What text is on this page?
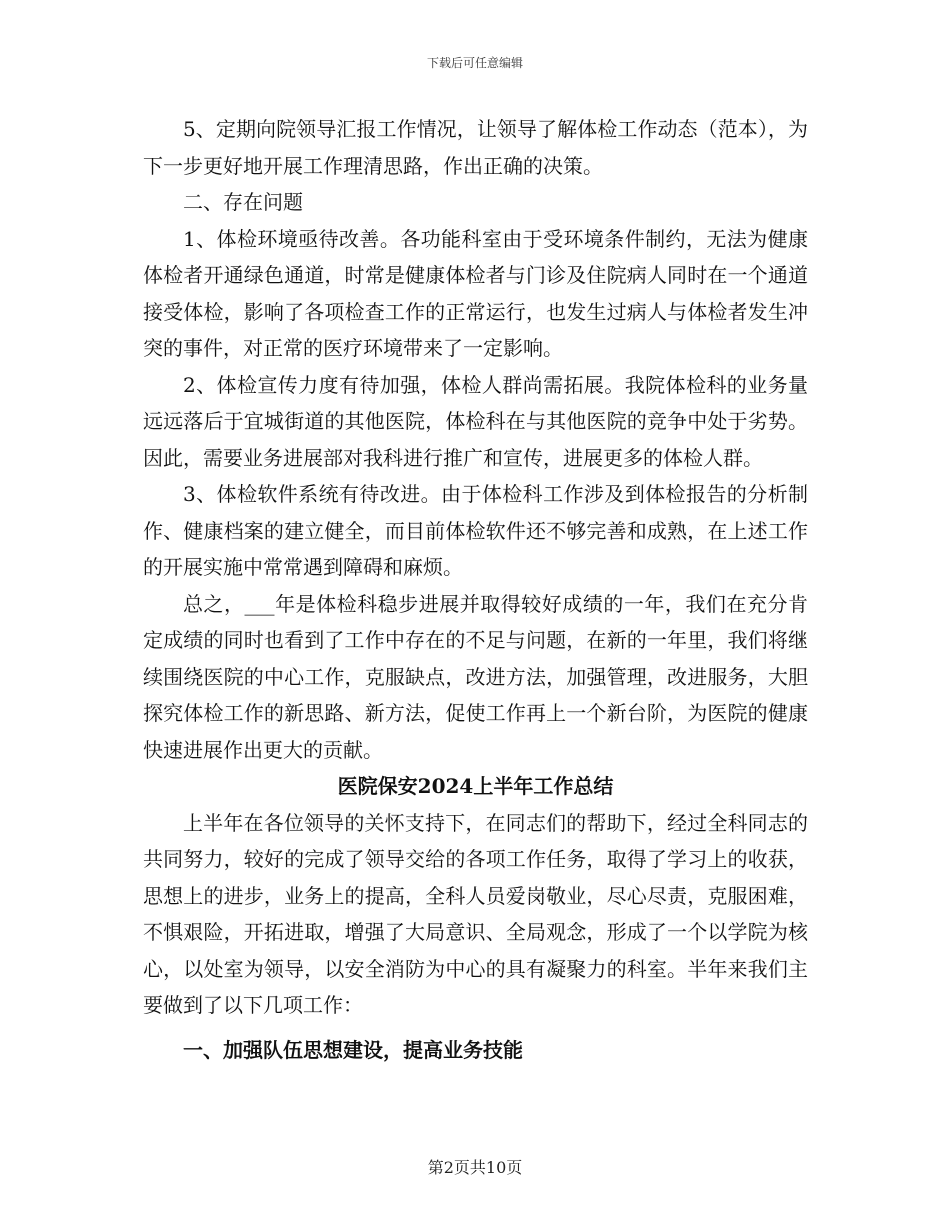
下载后可任意编辑

5、定期向院领导汇报工作情况，让领导了解体检工作动态（范本），为下一步更好地开展工作理清思路，作出正确的决策。

二、存在问题

1、体检环境亟待改善。各功能科室由于受环境条件制约，无法为健康体检者开通绿色通道，时常是健康体检者与门诊及住院病人同时在一个通道接受体检，影响了各项检查工作的正常运行，也发生过病人与体检者发生冲突的事件，对正常的医疗环境带来了一定影响。

2、体检宣传力度有待加强，体检人群尚需拓展。我院体检科的业务量远远落后于宜城街道的其他医院，体检科在与其他医院的竞争中处于劣势。因此，需要业务进展部对我科进行推广和宣传，进展更多的体检人群。

3、体检软件系统有待改进。由于体检科工作涉及到体检报告的分析制作、健康档案的建立健全，而目前体检软件还不够完善和成熟，在上述工作的开展实施中常常遇到障碍和麻烦。

总之，___年是体检科稳步进展并取得较好成绩的一年，我们在充分肯定成绩的同时也看到了工作中存在的不足与问题，在新的一年里，我们将继续围绕医院的中心工作，克服缺点，改进方法，加强管理，改进服务，大胆探究体检工作的新思路、新方法，促使工作再上一个新台阶，为医院的健康快速进展作出更大的贡献。

医院保安2024上半年工作总结

上半年在各位领导的关怀支持下，在同志们的帮助下，经过全科同志的共同努力，较好的完成了领导交给的各项工作任务，取得了学习上的收获，思想上的进步，业务上的提高，全科人员爱岗敬业，尽心尽责，克服困难，不惧艰险，开拓进取，增强了大局意识、全局观念，形成了一个以学院为核心，以处室为领导，以安全消防为中心的具有凝聚力的科室。半年来我们主要做到了以下几项工作：

一、加强队伍思想建设，提高业务技能

第2页共10页
